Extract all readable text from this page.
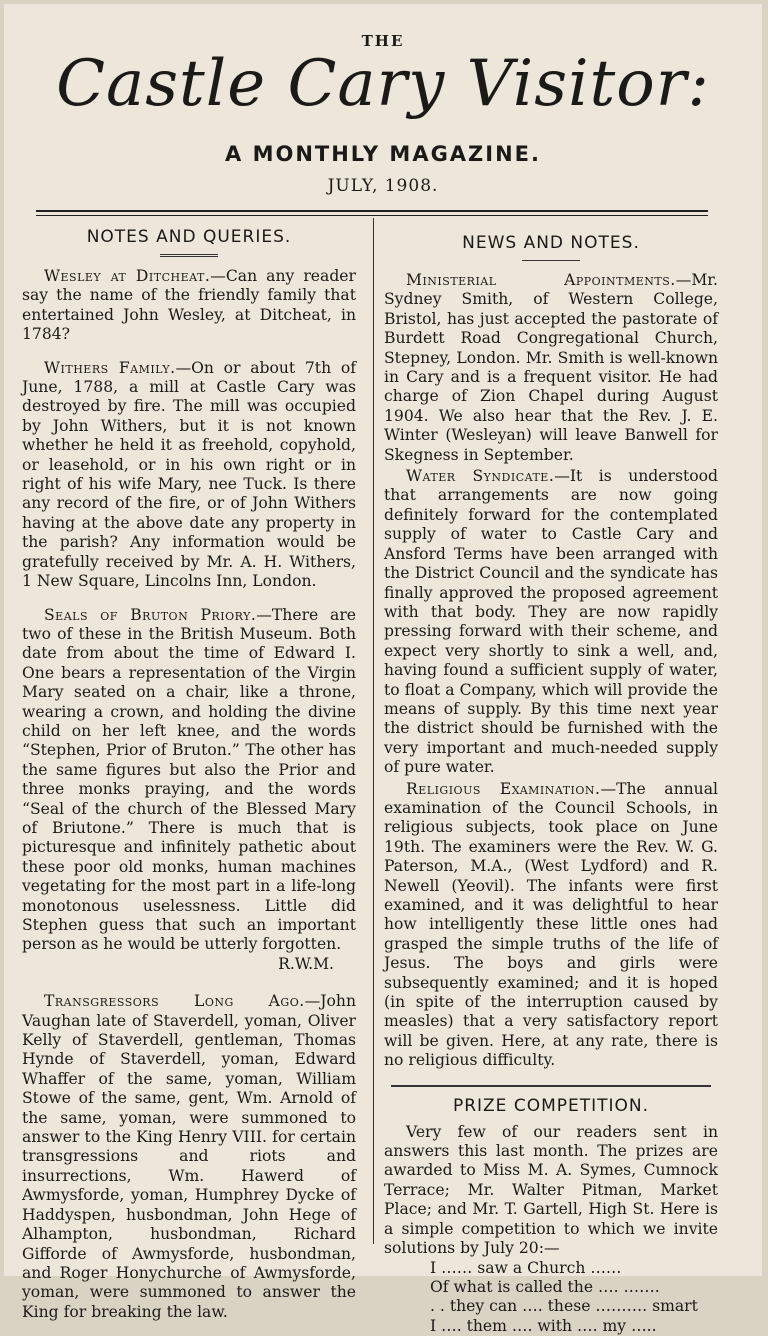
THE
Castle Cary Visitor:
A MONTHLY MAGAZINE.
JULY, 1908.
NOTES AND QUERIES.

Wesley at Ditcheat.—Can any reader say the name of the friendly family that entertained John Wesley, at Ditcheat, in 1784?

Withers Family.—On or about 7th of June, 1788, a mill at Castle Cary was destroyed by fire. The mill was occupied by John Withers, but it is not known whether he held it as freehold, copyhold, or leasehold, or in his own right or in right of his wife Mary, nee Tuck. Is there any record of the fire, or of John Withers having at the above date any property in the parish? Any information would be gratefully received by Mr. A. H. Withers, 1 New Square, Lincolns Inn, London.

Seals of Bruton Priory.—There are two of these in the British Museum. Both date from about the time of Edward I. One bears a representation of the Virgin Mary seated on a chair, like a throne, wearing a crown, and holding the divine child on her left knee, and the words “Stephen, Prior of Bruton.” The other has the same figures but also the Prior and three monks praying, and the words “Seal of the church of the Blessed Mary of Briutone.” There is much that is picturesque and infinitely pathetic about these poor old monks, human machines vegetating for the most part in a life-long monotonous uselessness. Little did Stephen guess that such an important person as he would be utterly forgotten.

R.W.M.

Transgressors Long Ago.—John Vaughan late of Staverdell, yoman, Oliver Kelly of Staverdell, gentleman, Thomas Hynde of Staverdell, yoman, Edward Whaffer of the same, yoman, William Stowe of the same, gent, Wm. Arnold of the same, yoman, were summoned to answer to the King Henry VIII. for certain transgressions and riots and insurrections, Wm. Hawerd of Awmysforde, yoman, Humphrey Dycke of Haddyspen, husbondman, John Hege of Alhampton, husbondman, Richard Gifforde of Awmysforde, husbondman, and Roger Honychurche of Awmysforde, yoman, were summoned to answer the King for breaking the law.

NEWS AND NOTES.

Ministerial Appointments.—Mr. Sydney Smith, of Western College, Bristol, has just accepted the pastorate of Burdett Road Congregational Church, Stepney, London. Mr. Smith is well-known in Cary and is a frequent visitor. He had charge of Zion Chapel during August 1904. We also hear that the Rev. J. E. Winter (Wesleyan) will leave Banwell for Skegness in September.

Water Syndicate.—It is understood that arrangements are now going definitely forward for the contemplated supply of water to Castle Cary and Ansford Terms have been arranged with the District Council and the syndicate has finally approved the proposed agreement with that body. They are now rapidly pressing forward with their scheme, and expect very shortly to sink a well, and, having found a sufficient supply of water, to float a Company, which will provide the means of supply. By this time next year the district should be furnished with the very important and much-needed supply of pure water.

Religious Examination.—The annual examination of the Council Schools, in religious subjects, took place on June 19th. The examiners were the Rev. W. G. Paterson, M.A., (West Lydford) and R. Newell (Yeovil). The infants were first examined, and it was delightful to hear how intelligently these little ones had grasped the simple truths of the life of Jesus. The boys and girls were subsequently examined; and it is hoped (in spite of the interruption caused by measles) that a very satisfactory report will be given. Here, at any rate, there is no religious difficulty.

PRIZE COMPETITION.

Very few of our readers sent in answers this last month. The prizes are awarded to Miss M. A. Symes, Cumnock Terrace; Mr. Walter Pitman, Market Place; and Mr. T. Gartell, High St. Here is a simple competition to which we invite solutions by July 20:—

I …… saw a Church ……
Of what is called the …. …….
. . they can …. these ………. smart
I …. them …. with …. my …..
